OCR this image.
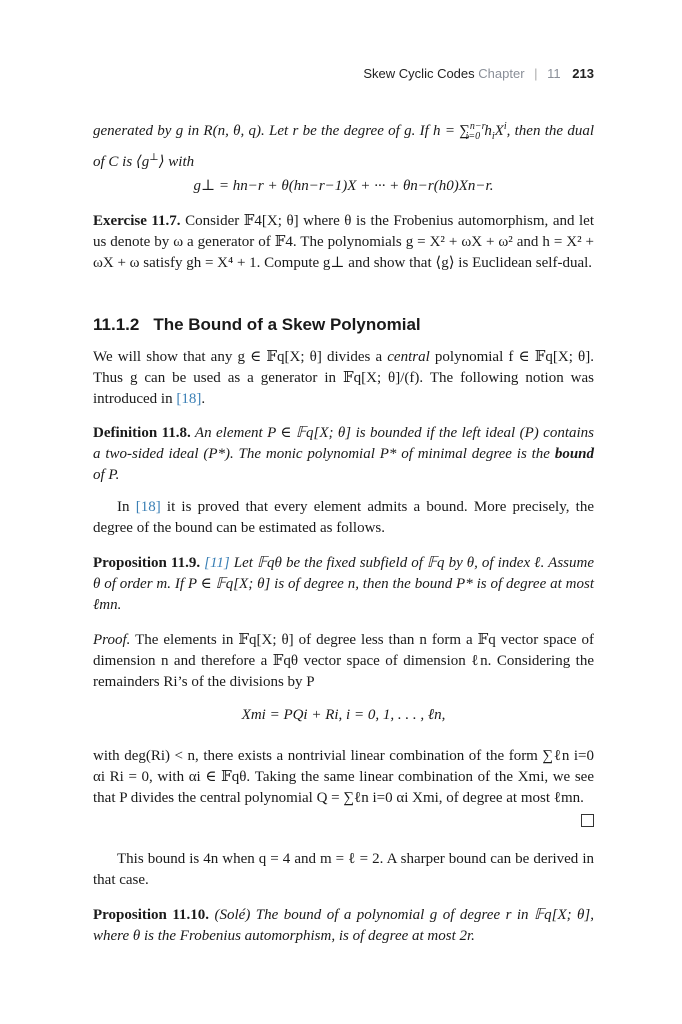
Skew Cyclic Codes Chapter | 11 213
generated by g in R(n, θ, q). Let r be the degree of g. If h = ∑$^{n-r}_{i=0}$ $h_iX^i$, then the dual of C is ⟨g⊥⟩ with
g⊥ = hn−r + θ(hn−r−1)X + ··· + θn−r(h0)Xn−r.
Exercise 11.7. Consider 𝔽4[X; θ] where θ is the Frobenius automorphism, and let us denote by ω a generator of 𝔽4. The polynomials g = X² + ωX + ω² and h = X² + ωX + ω satisfy gh = X⁴ + 1. Compute g⊥ and show that ⟨g⟩ is Euclidean self-dual.
11.1.2 The Bound of a Skew Polynomial
We will show that any g ∈ 𝔽q[X; θ] divides a central polynomial f ∈ 𝔽q[X; θ]. Thus g can be used as a generator in 𝔽q[X; θ]/(f). The following notion was introduced in [18].
Definition 11.8. An element P ∈ 𝔽q[X; θ] is bounded if the left ideal (P) contains a two-sided ideal (P*). The monic polynomial P* of minimal degree is the bound of P.
In [18] it is proved that every element admits a bound. More precisely, the degree of the bound can be estimated as follows.
Proposition 11.9. [11] Let 𝔽qθ be the fixed subfield of 𝔽q by θ, of index ℓ. Assume θ of order m. If P ∈ 𝔽q[X; θ] is of degree n, then the bound P* is of degree at most ℓmn.
Proof. The elements in 𝔽q[X; θ] of degree less than n form a 𝔽q vector space of dimension n and therefore a 𝔽qθ vector space of dimension ℓn. Considering the remainders Ri’s of the divisions by P
Xmi = PQi + Ri, i = 0, 1, . . . , ℓn,
with deg(Ri) < n, there exists a nontrivial linear combination of the form ∑ℓn i=0 αi Ri = 0, with αi ∈ 𝔽qθ. Taking the same linear combination of the Xmi, we see that P divides the central polynomial Q = ∑ℓn i=0 αi Xmi, of degree at most ℓmn.
This bound is 4n when q = 4 and m = ℓ = 2. A sharper bound can be derived in that case.
Proposition 11.10. (Solé) The bound of a polynomial g of degree r in 𝔽q[X; θ], where θ is the Frobenius automorphism, is of degree at most 2r.
